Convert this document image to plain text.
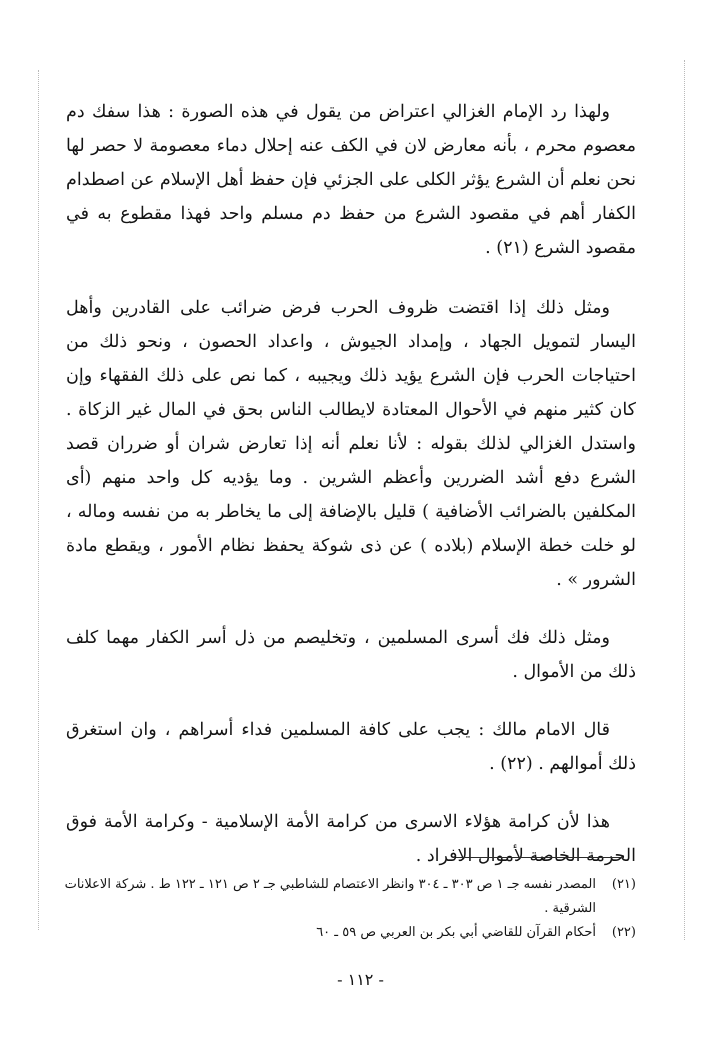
ولهذا رد الإمام الغزالي اعتراض من يقول في هذه الصورة : هذا سفك دم معصوم محرم ، بأنه معارض لان في الكف عنه إحلال دماء معصومة لا حصر لها نحن نعلم أن الشرع يؤثر الكلى على الجزئي فإن حفظ أهل الإسلام عن اصطدام الكفار أهم في مقصود الشرع من حفظ دم مسلم واحد فهذا مقطوع به في مقصود الشرع (٢١) .

ومثل ذلك إذا اقتضت ظروف الحرب فرض ضرائب على القادرين وأهل اليسار لتمويل الجهاد ، وإمداد الجيوش ، واعداد الحصون ، ونحو ذلك من احتياجات الحرب فإن الشرع يؤيد ذلك ويجيبه ، كما نص على ذلك الفقهاء وإن كان كثير منهم في الأحوال المعتادة لايطالب الناس بحق في المال غير الزكاة . واستدل الغزالي لذلك بقوله : لأنا نعلم أنه إذا تعارض شران أو ضرران قصد الشرع دفع أشد الضررين وأعظم الشرين . وما يؤديه كل واحد منهم (أى المكلفين بالضرائب الأضافية ) قليل بالإضافة إلى ما يخاطر به من نفسه وماله ، لو خلت خطة الإسلام (بلاده ) عن ذى شوكة يحفظ نظام الأمور ، ويقطع مادة الشرور » .

ومثل ذلك فك أسرى المسلمين ، وتخليصم من ذل أسر الكفار مهما كلف ذلك من الأموال .

قال الامام مالك : يجب على كافة المسلمين فداء أسراهم ، وان استغرق ذلك أموالهم . (٢٢) .

هذا لأن كرامة هؤلاء الاسرى من كرامة الأمة الإسلامية - وكرامة الأمة فوق الحرمة الخاصة لأموال الافراد .

(٢١)المصدر نفسه جـ ١ ص ٣٠٣ ـ ٣٠٤ وانظر الاعتصام للشاطبي جـ ٢ ص ١٢١ ـ ١٢٢ ط . شركة الاعلانات الشرقية .

(٢٢)أحكام القرآن للقاضي أبي بكر بن العربي ص ٥٩ ـ ٦٠

- ١١٢ -
